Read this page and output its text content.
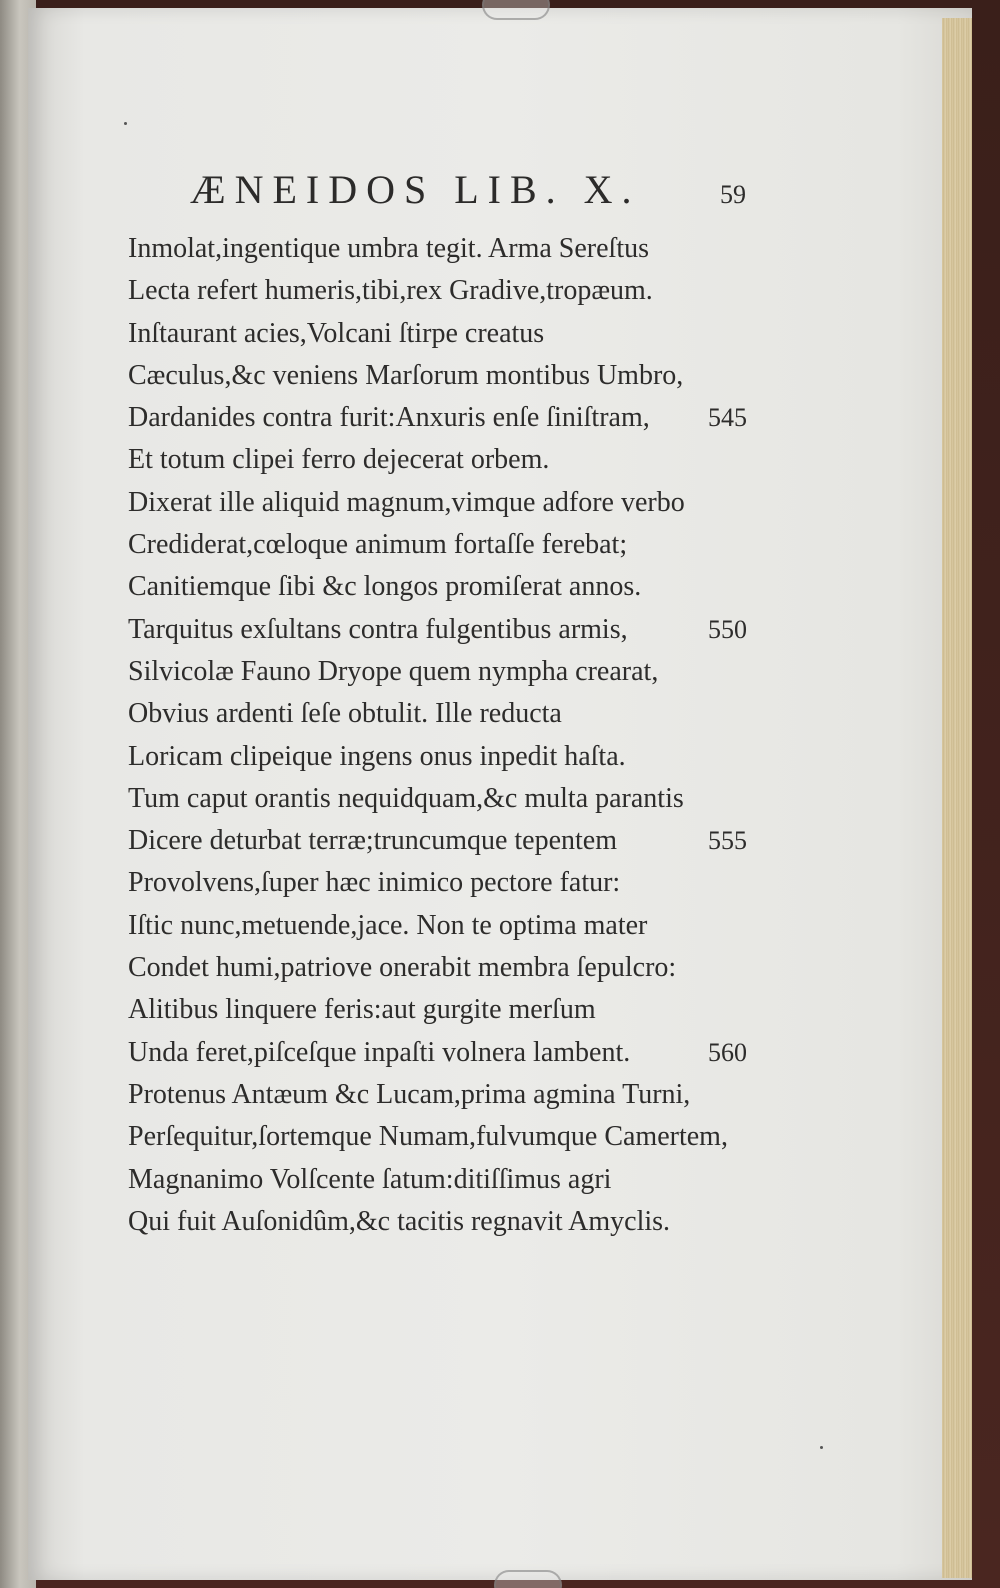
ÆNEIDOS LIB. X.	59
Inmolat,ingentique umbra tegit. Arma Sereſtus
Lecta refert humeris,tibi,rex Gradive,tropæum.
Inſtaurant acies,Volcani ſtirpe creatus
Cæculus,&c veniens Marſorum montibus Umbro,
Dardanides contra furit:Anxuris enſe ſiniſtram, 545
Et totum clipei ferro dejecerat orbem.
Dixerat ille aliquid magnum,vimque adfore verbo
Crediderat,cœloque animum fortaſſe ferebat;
Canitiemque ſibi &c longos promiſerat annos.
Tarquitus exſultans contra fulgentibus armis,	550
Silvicolæ Fauno Dryope quem nympha crearat,
Obvius ardenti ſeſe obtulit. Ille reducta
Loricam clipeique ingens onus inpedit haſta.
Tum caput orantis nequidquam,&c multa parantis
Dicere deturbat terræ;truncumque tepentem	555
Provolvens,ſuper hæc inimico pectore fatur:
Iſtic nunc,metuende,jace. Non te optima mater
Condet humi,patriove onerabit membra ſepulcro:
Alitibus linquere feris:aut gurgite merſum
Unda feret,piſceſque inpaſti volnera lambent.	560
Protenus Antæum &c Lucam,prima agmina Turni,
Perſequitur,ſortemque Numam,fulvumque Camertem,
Magnanimo Volſcente ſatum:ditiſſimus agri
Qui fuit Auſonidûm,&c tacitis regnavit Amyclis.
